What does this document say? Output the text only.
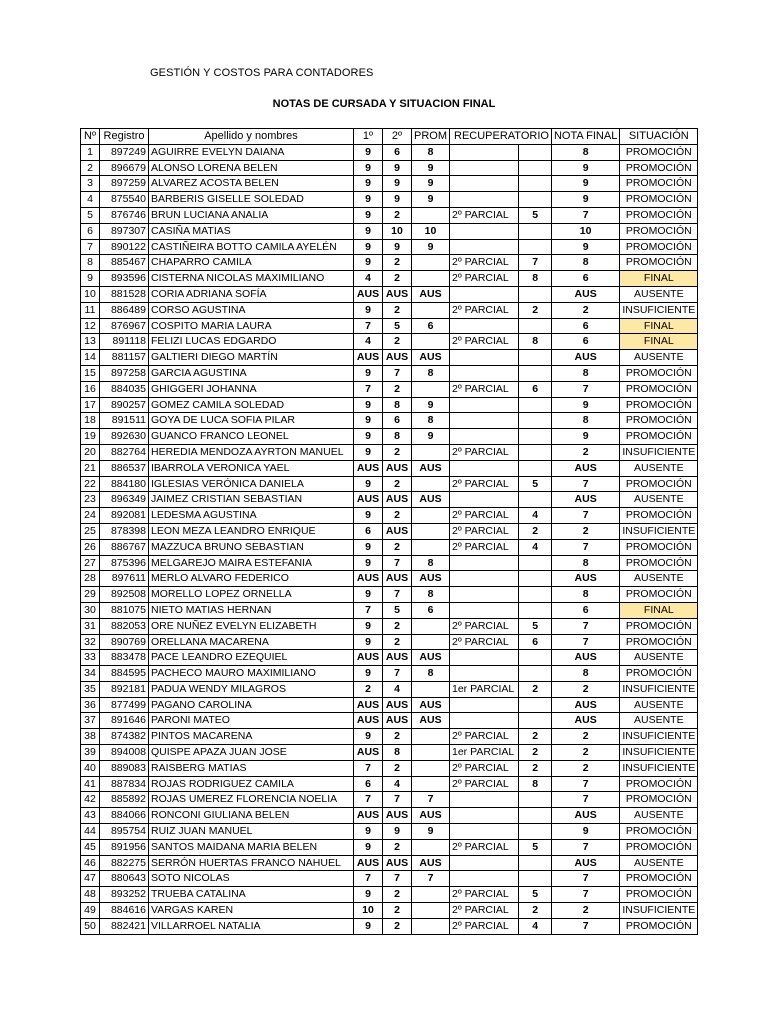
GESTIÓN Y COSTOS PARA CONTADORES
NOTAS DE CURSADA Y SITUACION FINAL
Nº	Registro	Apellido y nombres	1º	2º	PROM	RECUPERATORIO		NOTA FINAL	SITUACIÓN
1	897249	AGUIRRE EVELYN DAIANA	9	6	8			8	PROMOCIÓN
2	896679	ALONSO LORENA BELEN	9	9	9			9	PROMOCIÓN
3	897259	ALVAREZ ACOSTA BELEN	9	9	9			9	PROMOCIÓN
4	875540	BARBERIS GISELLE SOLEDAD	9	9	9			9	PROMOCIÓN
5	876746	BRUN LUCIANA ANALIA	9	2		2º PARCIAL	5	7	PROMOCIÓN
6	897307	CASIÑA MATIAS	9	10	10			10	PROMOCIÓN
7	890122	CASTIÑEIRA BOTTO CAMILA AYELÉN	9	9	9			9	PROMOCIÓN
8	885467	CHAPARRO CAMILA	9	2		2º PARCIAL	7	8	PROMOCIÓN
9	893596	CISTERNA NICOLAS MAXIMILIANO	4	2		2º PARCIAL	8	6	FINAL
10	881528	CORIA ADRIANA SOFÍA	AUS	AUS	AUS			AUS	AUSENTE
11	886489	CORSO AGUSTINA	9	2		2º PARCIAL	2	2	INSUFICIENTE
12	876967	COSPITO MARIA LAURA	7	5	6			6	FINAL
13	891118	FELIZI LUCAS EDGARDO	4	2		2º PARCIAL	8	6	FINAL
14	881157	GALTIERI DIEGO MARTÍN	AUS	AUS	AUS			AUS	AUSENTE
15	897258	GARCIA AGUSTINA	9	7	8			8	PROMOCIÓN
16	884035	GHIGGERI JOHANNA	7	2		2º PARCIAL	6	7	PROMOCIÓN
17	890257	GOMEZ CAMILA SOLEDAD	9	8	9			9	PROMOCIÓN
18	891511	GOYA DE LUCA SOFIA PILAR	9	6	8			8	PROMOCIÓN
19	892630	GUANCO FRANCO LEONEL	9	8	9			9	PROMOCIÓN
20	882764	HEREDIA MENDOZA AYRTON MANUEL	9	2		2º PARCIAL		2	INSUFICIENTE
21	886537	IBARROLA VERONICA YAEL	AUS	AUS	AUS			AUS	AUSENTE
22	884180	IGLESIAS VERÓNICA DANIELA	9	2		2º PARCIAL	5	7	PROMOCIÓN
23	896349	JAIMEZ CRISTIAN SEBASTIAN	AUS	AUS	AUS			AUS	AUSENTE
24	892081	LEDESMA AGUSTINA	9	2		2º PARCIAL	4	7	PROMOCIÓN
25	878398	LEON MEZA LEANDRO ENRIQUE	6	AUS		2º PARCIAL	2	2	INSUFICIENTE
26	886767	MAZZUCA BRUNO SEBASTIAN	9	2		2º PARCIAL	4	7	PROMOCIÓN
27	875396	MELGAREJO MAIRA ESTEFANIA	9	7	8			8	PROMOCIÓN
28	897611	MERLO ALVARO FEDERICO	AUS	AUS	AUS			AUS	AUSENTE
29	892508	MORELLO LOPEZ ORNELLA	9	7	8			8	PROMOCIÓN
30	881075	NIETO MATIAS HERNAN	7	5	6			6	FINAL
31	882053	ORE NUÑEZ EVELYN ELIZABETH	9	2		2º PARCIAL	5	7	PROMOCIÓN
32	890769	ORELLANA MACARENA	9	2		2º PARCIAL	6	7	PROMOCIÓN
33	883478	PACE LEANDRO EZEQUIEL	AUS	AUS	AUS			AUS	AUSENTE
34	884595	PACHECO MAURO MAXIMILIANO	9	7	8			8	PROMOCIÓN
35	892181	PADUA WENDY MILAGROS	2	4		1er PARCIAL	2	2	INSUFICIENTE
36	877499	PAGANO CAROLINA	AUS	AUS	AUS			AUS	AUSENTE
37	891646	PARONI MATEO	AUS	AUS	AUS			AUS	AUSENTE
38	874382	PINTOS MACARENA	9	2		2º PARCIAL	2	2	INSUFICIENTE
39	894008	QUISPE APAZA JUAN JOSE	AUS	8		1er PARCIAL	2	2	INSUFICIENTE
40	889083	RAISBERG MATIAS	7	2		2º PARCIAL	2	2	INSUFICIENTE
41	887834	ROJAS RODRIGUEZ CAMILA	6	4		2º PARCIAL	8	7	PROMOCIÓN
42	885892	ROJAS UMEREZ FLORENCIA NOELIA	7	7	7			7	PROMOCIÓN
43	884066	RONCONI GIULIANA BELEN	AUS	AUS	AUS			AUS	AUSENTE
44	895754	RUIZ JUAN MANUEL	9	9	9			9	PROMOCIÓN
45	891956	SANTOS MAIDANA MARIA BELEN	9	2		2º PARCIAL	5	7	PROMOCIÓN
46	882275	SERRÓN HUERTAS FRANCO NAHUEL	AUS	AUS	AUS			AUS	AUSENTE
47	880643	SOTO NICOLAS	7	7	7			7	PROMOCIÓN
48	893252	TRUEBA CATALINA	9	2		2º PARCIAL	5	7	PROMOCIÓN
49	884616	VARGAS KAREN	10	2		2º PARCIAL	2	2	INSUFICIENTE
50	882421	VILLARROEL NATALIA	9	2		2º PARCIAL	4	7	PROMOCIÓN
